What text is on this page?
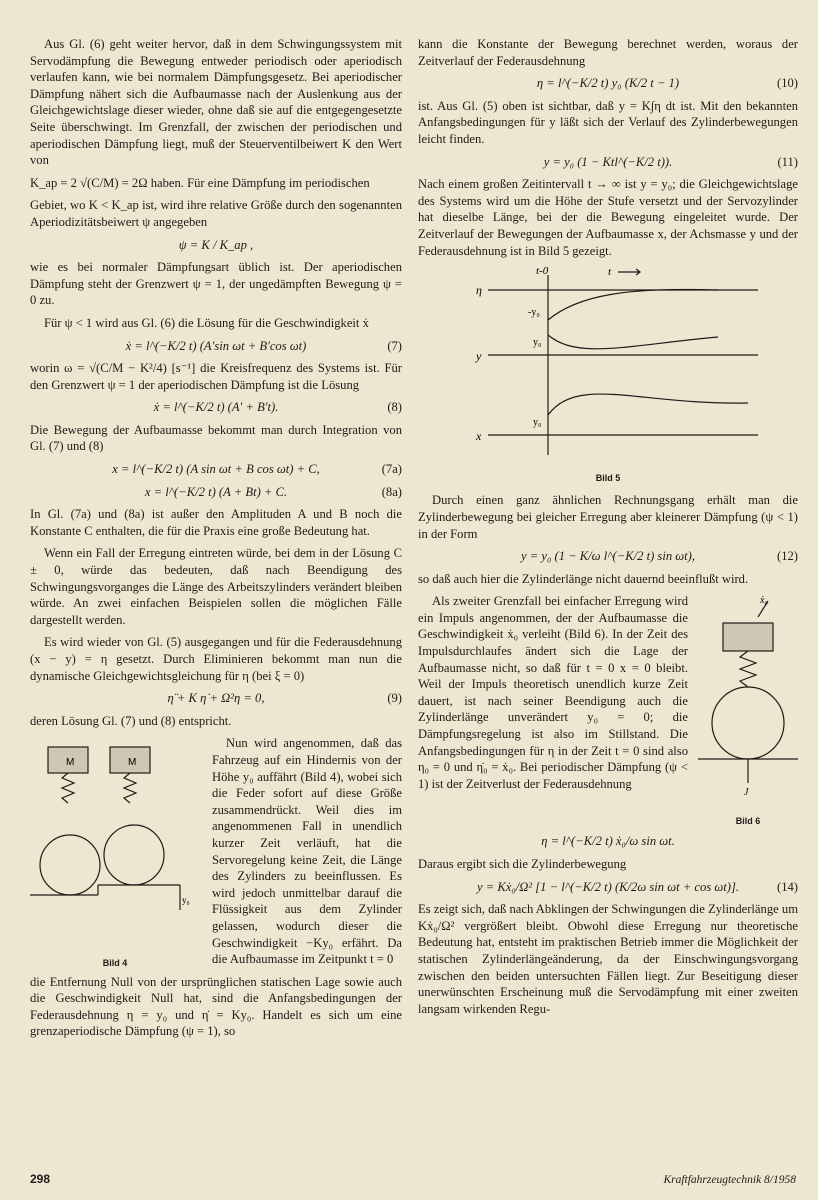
Aus Gl. (6) geht weiter hervor, daß in dem Schwingungssystem mit Servodämpfung die Bewegung entweder periodisch oder aperiodisch verlaufen kann, wie bei normalem Dämpfungsgesetz. Bei aperiodischer Dämpfung nähert sich die Aufbaumasse nach der Auslenkung aus der Gleichgewichtslage dieser wieder, ohne daß sie auf die entgegengesetzte Seite überschwingt. Im Grenzfall, der zwischen der periodischen und aperiodischen Dämpfung liegt, muß der Steuerventilbeiwert K den Wert von

K_ap = 2 √(C/M) = 2Ω haben. Für eine Dämpfung im periodischen

Gebiet, wo K < K_ap ist, wird ihre relative Größe durch den sogenannten Aperiodizitätsbeiwert ψ angegeben

ψ = K / K_ap ,

wie es bei normaler Dämpfungsart üblich ist. Der aperiodischen Dämpfung steht der Grenzwert ψ = 1, der ungedämpften Bewegung ψ = 0 zu.

Für ψ < 1 wird aus Gl. (6) die Lösung für die Geschwindigkeit ẋ

ẋ = l^(−K/2 t) (A′sin ωt + B′cos ωt)	(7)

worin ω = √(C/M − K²/4) [s⁻¹] die Kreisfrequenz des Systems ist. Für den Grenzwert ψ = 1 der aperiodischen Dämpfung ist die Lösung

ẋ = l^(−K/2 t) (A′ + B′t).	(8)

Die Bewegung der Aufbaumasse bekommt man durch Integration von Gl. (7) und (8)

x = l^(−K/2 t) (A sin ωt + B cos ωt) + C,	(7a)
x = l^(−K/2 t) (A + Bt) + C.	(8a)

In Gl. (7a) und (8a) ist außer den Amplituden A und B noch die Konstante C enthalten, die für die Praxis eine große Bedeutung hat.

Wenn ein Fall der Erregung eintreten würde, bei dem in der Lösung C ± 0, würde das bedeuten, daß nach Beendigung des Schwingungsvorganges die Länge des Arbeitszylinders verändert bleiben würde. An zwei einfachen Beispielen sollen die möglichen Fälle dargestellt werden.

Es wird wieder von Gl. (5) ausgegangen und für die Federausdehnung (x − y) = η gesetzt. Durch Eliminieren bekommt man nun die dynamische Gleichgewichtsgleichung für η (bei ξ = 0)

η̈ + K η̇ + Ω²η = 0,	(9)

deren Lösung Gl. (7) und (8) entspricht.

M	M
y₀
Bild 4

Nun wird angenommen, daß das Fahrzeug auf ein Hindernis von der Höhe y₀ auffährt (Bild 4), wobei sich die Feder sofort auf diese Größe zusammendrückt. Weil dies im angenommenen Fall in unendlich kurzer Zeit verläuft, hat die Servoregelung keine Zeit, die Länge des Zylinders zu beeinflussen. Es wird jedoch unmittelbar darauf die Flüssigkeit aus dem Zylinder gelassen, wodurch dieser die Geschwindigkeit −Ky₀ erfährt. Da die Aufbaumasse im Zeitpunkt t = 0

die Entfernung Null von der ursprünglichen statischen Lage sowie auch die Geschwindigkeit Null hat, sind die Anfangsbedingungen der Federausdehnung η = y₀ und η̇ = Ky₀. Handelt es sich um eine grenzaperiodische Dämpfung (ψ = 1), so

kann die Konstante der Bewegung berechnet werden, woraus der Zeitverlauf der Federausdehnung

η = l^(−K/2 t) y₀ (K/2 t − 1)	(10)

ist. Aus Gl. (5) oben ist sichtbar, daß y = K∫η dt ist. Mit den bekannten Anfangsbedingungen für y läßt sich der Verlauf des Zylinderbewegungen leicht finden.

y = y₀ (1 − Ktl^(−K/2 t)).	(11)

Nach einem großen Zeitintervall t → ∞ ist y = y₀; die Gleichgewichtslage des Systems wird um die Höhe der Stufe versetzt und der Servozylinder hat dieselbe Länge, bei der die Bewegung eingeleitet wurde. Der Zeitverlauf der Bewegungen der Aufbaumasse x, der Achsmasse y und der Federausdehnung ist in Bild 5 gezeigt.

t-0	t
η
y
x
-y₀
y₀
y₀
Bild 5

Durch einen ganz ähnlichen Rechnungsgang erhält man die Zylinderbewegung bei gleicher Erregung aber kleinerer Dämpfung (ψ < 1) in der Form

y = y₀ (1 − K/ω l^(−K/2 t) sin ωt),	(12)

so daß auch hier die Zylinderlänge nicht dauernd beeinflußt wird.

Als zweiter Grenzfall bei einfacher Erregung wird ein Impuls angenommen, der der Aufbaumasse die Geschwindigkeit ẋ₀ verleiht (Bild 6). In der Zeit des Impulsdurchlaufes ändert sich die Lage der Aufbaumasse nicht, so daß für t = 0 x = 0 bleibt. Weil der Impuls theoretisch unendlich kurze Zeit dauert, ist nach seiner Beendigung auch die Zylinderlänge unverändert y₀ = 0; die Dämpfungsregelung ist also im Stillstand. Die Anfangsbedingungen für η in der Zeit t = 0 sind also η₀ = 0 und η̇₀ = ẋ₀. Bei periodischer Dämpfung (ψ < 1) ist der Zeitverlust der Federausdehnung

ẋ₀
J
Bild 6
η = l^(−K/2 t) ẋ₀/ω sin ωt.

Daraus ergibt sich die Zylinderbewegung

y = Kẋ₀/Ω² [1 − l^(−K/2 t) (K/2ω sin ωt + cos ωt)].	(14)

Es zeigt sich, daß nach Abklingen der Schwingungen die Zylinderlänge um Kẋ₀/Ω² vergrößert bleibt. Obwohl diese Erregung nur theoretische Bedeutung hat, entsteht im praktischen Betrieb immer die Möglichkeit der statischen Zylinderlängeänderung, da der Einschwingungsvorgang zwischen den beiden untersuchten Fällen liegt. Zur Beseitigung dieser unerwünschten Erscheinung muß die Servodämpfung mit einer zweiten langsam wirkenden Regu-

298	Kraftfahrzeugtechnik 8/1958
